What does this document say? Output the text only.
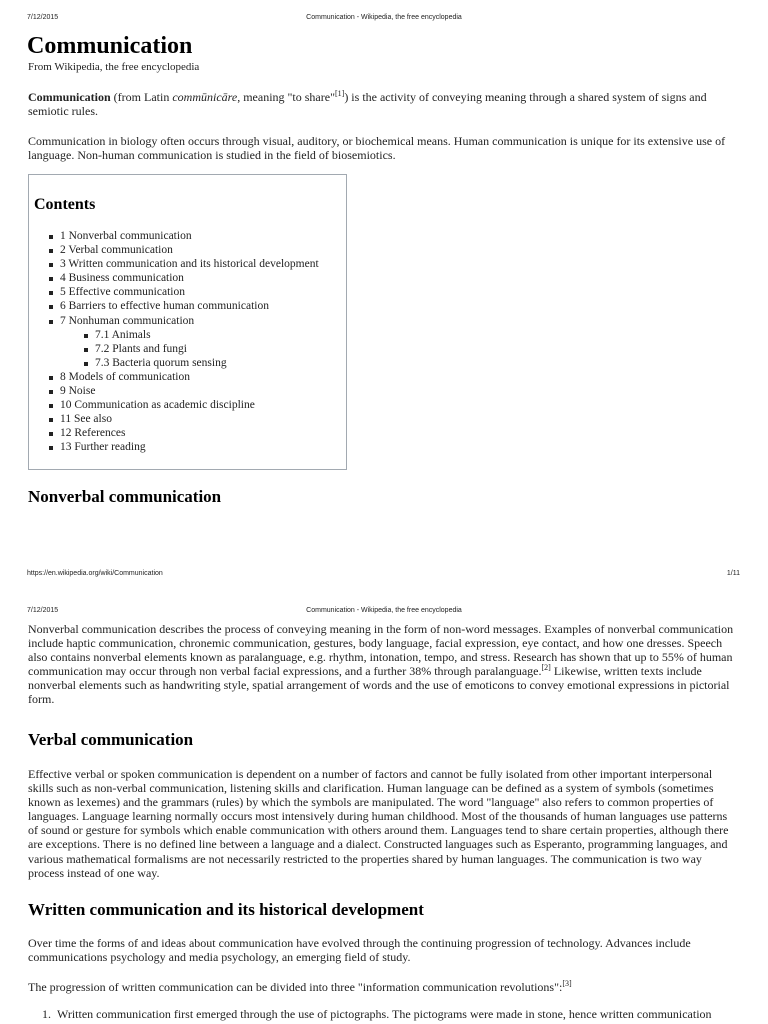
7/12/2015	Communication - Wikipedia, the free encyclopedia
Communication
From Wikipedia, the free encyclopedia

Communication (from Latin commūnicāre, meaning "to share"[1]) is the activity of conveying meaning through a shared system of signs and semiotic rules.

Communication in biology often occurs through visual, auditory, or biochemical means. Human communication is unique for its extensive use of language. Non-human communication is studied in the field of biosemiotics.

Contents
1 Nonverbal communication
2 Verbal communication
3 Written communication and its historical development
4 Business communication
5 Effective communication
6 Barriers to effective human communication
7 Nonhuman communication
7.1 Animals
7.2 Plants and fungi
7.3 Bacteria quorum sensing
8 Models of communication
9 Noise
10 Communication as academic discipline
11 See also
12 References
13 Further reading
Nonverbal communication
https://en.wikipedia.org/wiki/Communication	1/11
7/12/2015	Communication - Wikipedia, the free encyclopedia

Nonverbal communication describes the process of conveying meaning in the form of non-word messages. Examples of nonverbal communication include haptic communication, chronemic communication, gestures, body language, facial expression, eye contact, and how one dresses. Speech also contains nonverbal elements known as paralanguage, e.g. rhythm, intonation, tempo, and stress. Research has shown that up to 55% of human communication may occur through non verbal facial expressions, and a further 38% through paralanguage.[2] Likewise, written texts include nonverbal elements such as handwriting style, spatial arrangement of words and the use of emoticons to convey emotional expressions in pictorial form.

Verbal communication

Effective verbal or spoken communication is dependent on a number of factors and cannot be fully isolated from other important interpersonal skills such as non-verbal communication, listening skills and clarification. Human language can be defined as a system of symbols (sometimes known as lexemes) and the grammars (rules) by which the symbols are manipulated. The word "language" also refers to common properties of languages. Language learning normally occurs most intensively during human childhood. Most of the thousands of human languages use patterns of sound or gesture for symbols which enable communication with others around them. Languages tend to share certain properties, although there are exceptions. There is no defined line between a language and a dialect. Constructed languages such as Esperanto, programming languages, and various mathematical formalisms are not necessarily restricted to the properties shared by human languages. The communication is two way process instead of one way.

Written communication and its historical development

Over time the forms of and ideas about communication have evolved through the continuing progression of technology. Advances include communications psychology and media psychology, an emerging field of study.

The progression of written communication can be divided into three "information communication revolutions":[3]

1. Written communication first emerged through the use of pictographs. The pictograms were made in stone, hence written communication
